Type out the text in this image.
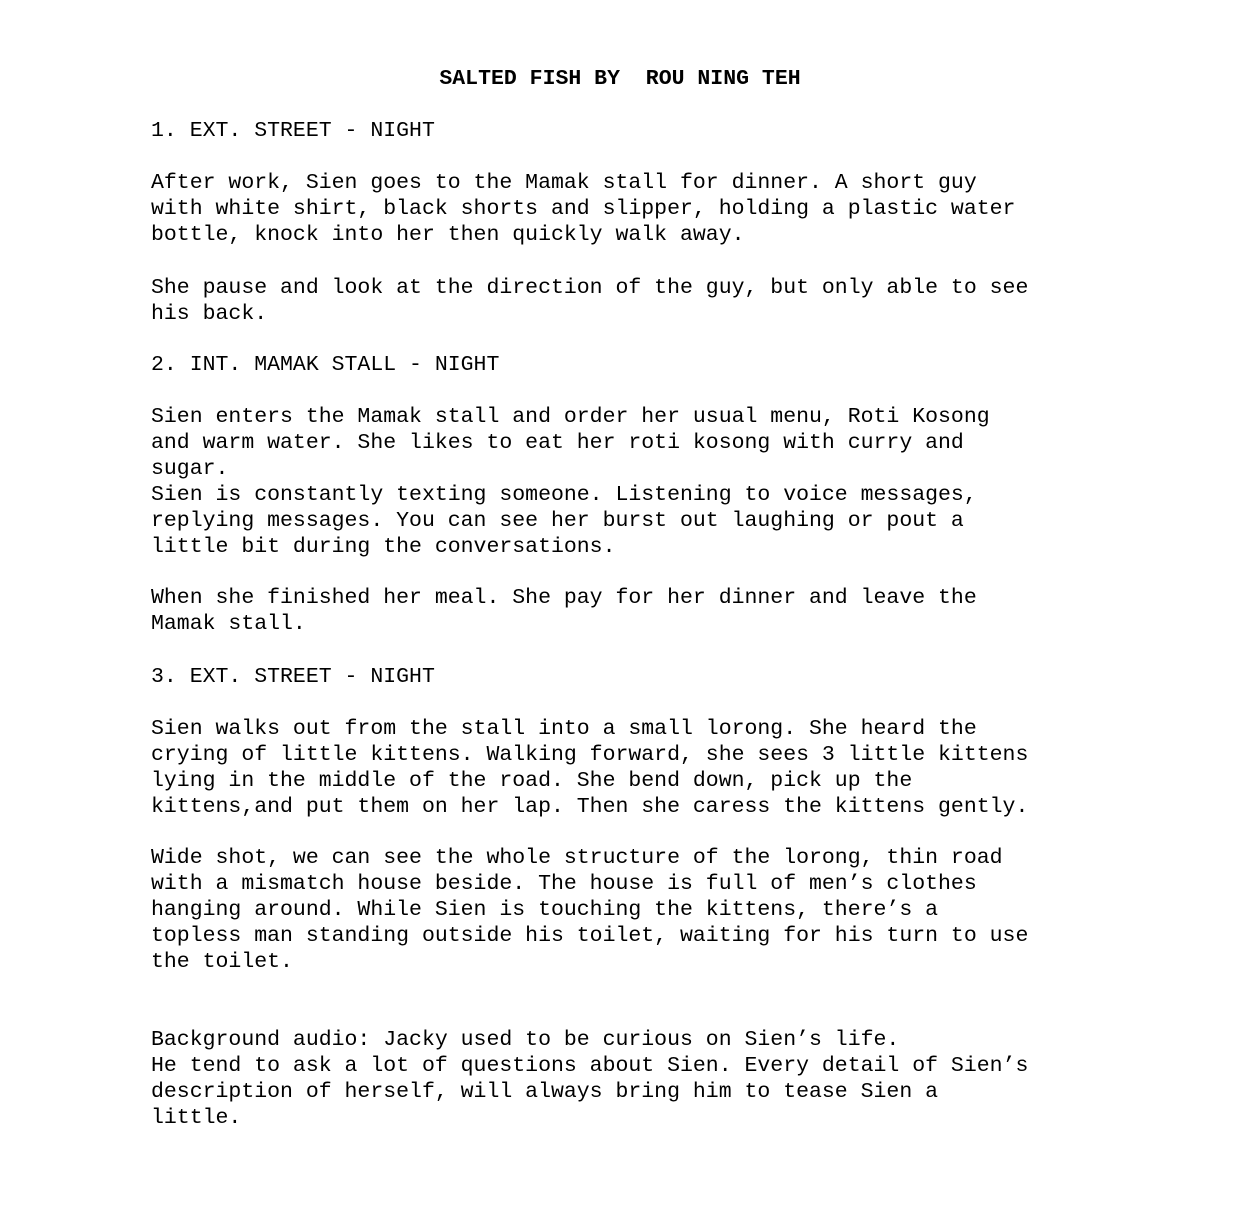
SALTED FISH BY  ROU NING TEH
1. EXT. STREET - NIGHT
After work, Sien goes to the Mamak stall for dinner. A short guy
with white shirt, black shorts and slipper, holding a plastic water
bottle, knock into her then quickly walk away.
She pause and look at the direction of the guy, but only able to see
his back.
2. INT. MAMAK STALL - NIGHT
Sien enters the Mamak stall and order her usual menu, Roti Kosong
and warm water. She likes to eat her roti kosong with curry and
sugar.
Sien is constantly texting someone. Listening to voice messages,
replying messages. You can see her burst out laughing or pout a
little bit during the conversations.
When she finished her meal. She pay for her dinner and leave the
Mamak stall.
3. EXT. STREET - NIGHT
Sien walks out from the stall into a small lorong. She heard the
crying of little kittens. Walking forward, she sees 3 little kittens
lying in the middle of the road. She bend down, pick up the
kittens,and put them on her lap. Then she caress the kittens gently.
Wide shot, we can see the whole structure of the lorong, thin road
with a mismatch house beside. The house is full of men’s clothes
hanging around. While Sien is touching the kittens, there’s a
topless man standing outside his toilet, waiting for his turn to use
the toilet.
Background audio: Jacky used to be curious on Sien’s life.
He tend to ask a lot of questions about Sien. Every detail of Sien’s
description of herself, will always bring him to tease Sien a
little.
